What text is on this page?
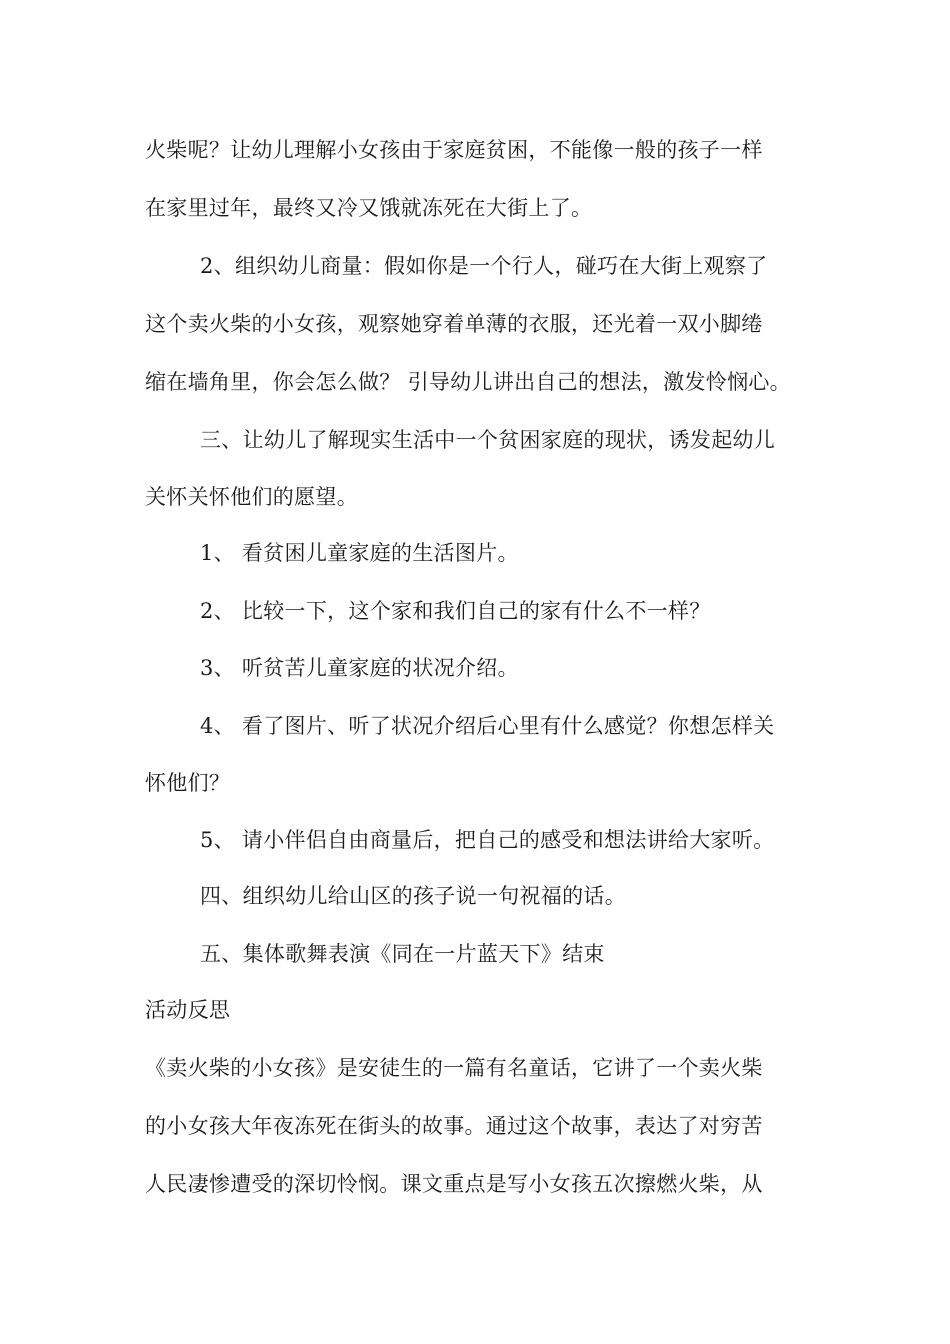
火柴呢？让幼儿理解小女孩由于家庭贫困，不能像一般的孩子一样
在家里过年，最终又冷又饿就冻死在大街上了。
2、组织幼儿商量：假如你是一个行人，碰巧在大街上观察了
这个卖火柴的小女孩，观察她穿着单薄的衣服，还光着一双小脚绻
缩在墙角里，你会怎么做？ 引导幼儿讲出自己的想法，激发怜悯心。
三、让幼儿了解现实生活中一个贫困家庭的现状，诱发起幼儿
关怀关怀他们的愿望。
1、 看贫困儿童家庭的生活图片。
2、 比较一下，这个家和我们自己的家有什么不一样？
3、 听贫苦儿童家庭的状况介绍。
4、 看了图片、听了状况介绍后心里有什么感觉？你想怎样关
怀他们？
5、 请小伴侣自由商量后，把自己的感受和想法讲给大家听。
四、组织幼儿给山区的孩子说一句祝福的话。
五、集体歌舞表演《同在一片蓝天下》结束
活动反思
《卖火柴的小女孩》是安徒生的一篇有名童话，它讲了一个卖火柴
的小女孩大年夜冻死在街头的故事。通过这个故事，表达了对穷苦
人民凄惨遭受的深切怜悯。课文重点是写小女孩五次擦燃火柴，从
